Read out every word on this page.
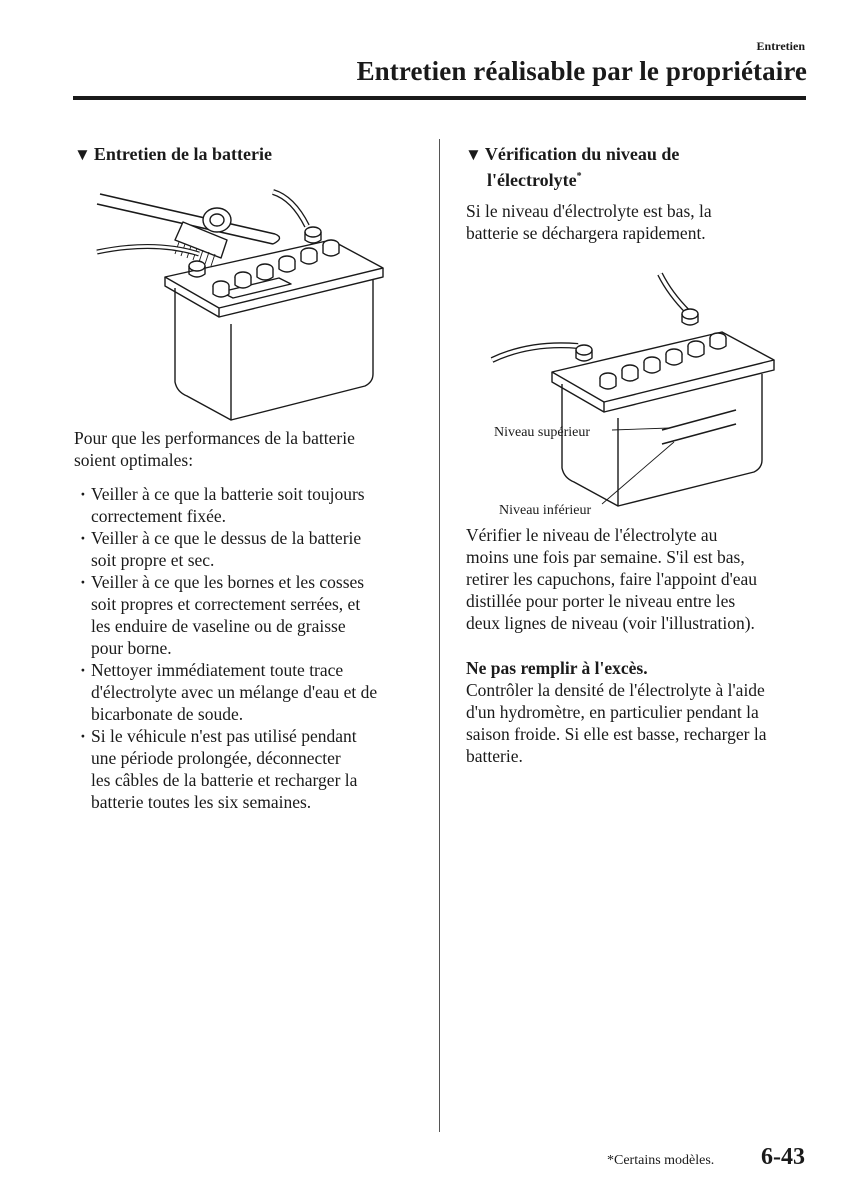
Entretien
Entretien réalisable par le propriétaire
▼ Entretien de la batterie

Pour que les performances de la batterie

soient optimales:

· Veiller à ce que la batterie soit toujours
correctement fixée.
· Veiller à ce que le dessus de la batterie
soit propre et sec.
· Veiller à ce que les bornes et les cosses
soit propres et correctement serrées, et
les enduire de vaseline ou de graisse
pour borne.
· Nettoyer immédiatement toute trace
d'électrolyte avec un mélange d'eau et de
bicarbonate de soude.
· Si le véhicule n'est pas utilisé pendant
une période prolongée, déconnecter
les câbles de la batterie et recharger la
batterie toutes les six semaines.
▼ Vérification du niveau de
l'électrolyte*

Si le niveau d'électrolyte est bas, la

batterie se déchargera rapidement.

Niveau supérieur
Niveau inférieur

Vérifier le niveau de l'électrolyte au

moins une fois par semaine. S'il est bas,

retirer les capuchons, faire l'appoint d'eau

distillée pour porter le niveau entre les

deux lignes de niveau (voir l'illustration).

Ne pas remplir à l'excès.

Contrôler la densité de l'électrolyte à l'aide

d'un hydromètre, en particulier pendant la

saison froide. Si elle est basse, recharger la

batterie.

*Certains modèles. 6-43
